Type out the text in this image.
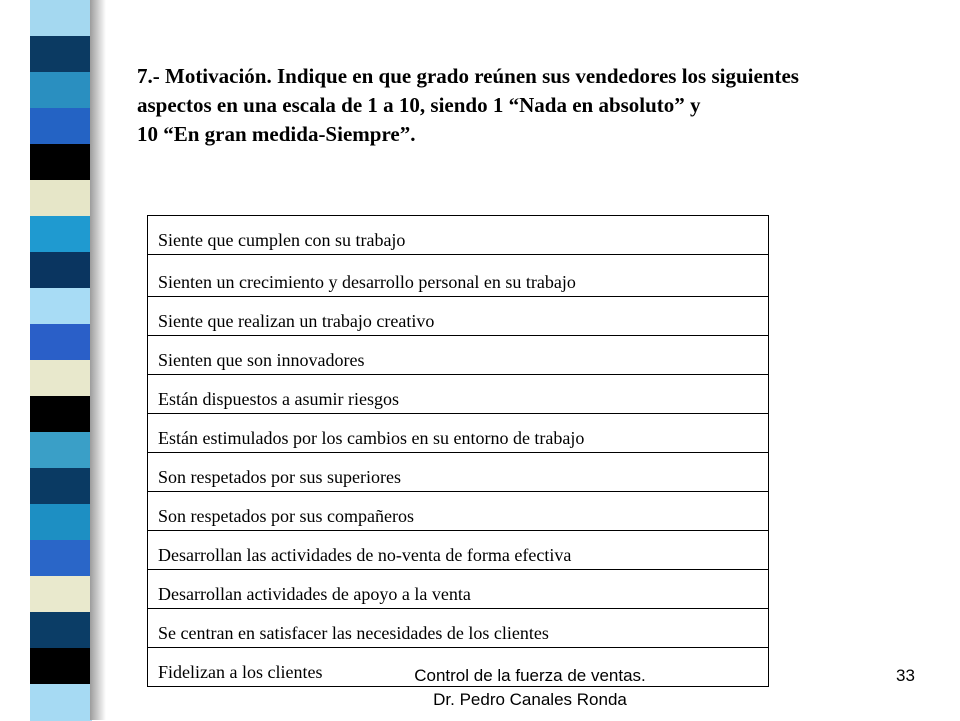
7.- Motivación. Indique en que grado reúnen sus vendedores los siguientes
aspectos en una escala de 1 a 10, siendo 1 “Nada en absoluto” y
10 “En gran medida-Siempre”.
Siente que cumplen con su trabajo
Sienten un crecimiento y desarrollo personal en su trabajo
Siente que realizan un trabajo creativo
Sienten que son innovadores
Están dispuestos a asumir riesgos
Están estimulados por los cambios en su entorno de trabajo
Son respetados por sus superiores
Son respetados por sus compañeros
Desarrollan las actividades de no-venta de forma efectiva
Desarrollan actividades de apoyo a la venta
Se centran en satisfacer las necesidades de los clientes
Fidelizan a los clientes	Control de la fuerza de ventas.
Dr. Pedro Canales Ronda
33
